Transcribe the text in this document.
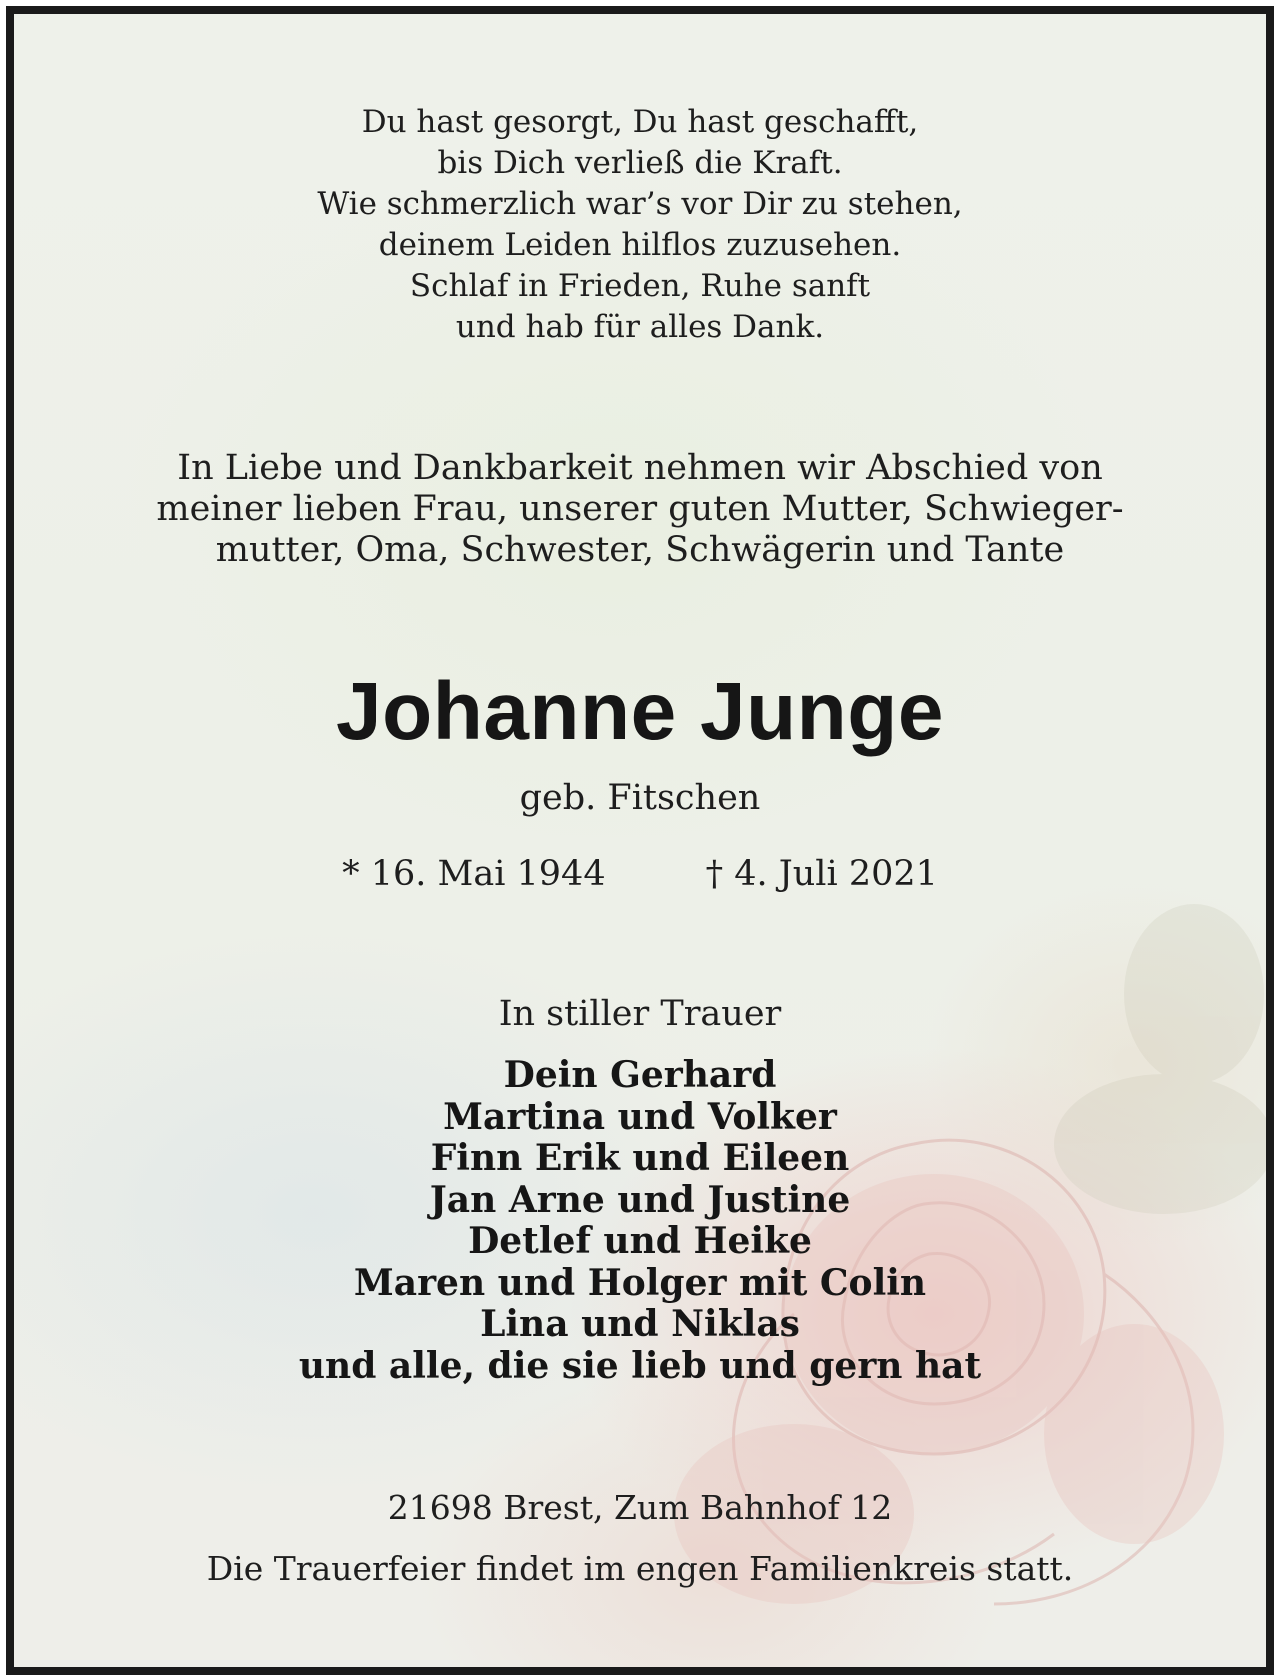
Du hast gesorgt, Du hast geschafft,
bis Dich verließ die Kraft.
Wie schmerzlich war’s vor Dir zu stehen,
deinem Leiden hilflos zuzusehen.
Schlaf in Frieden, Ruhe sanft
und hab für alles Dank.
In Liebe und Dankbarkeit nehmen wir Abschied von
meiner lieben Frau, unserer guten Mutter, Schwieger-
mutter, Oma, Schwester, Schwägerin und Tante
Johanne Junge
geb. Fitschen
* 16. Mai 1944	† 4. Juli 2021
In stiller Trauer
Dein Gerhard
Martina und Volker
Finn Erik und Eileen
Jan Arne und Justine
Detlef und Heike
Maren und Holger mit Colin
Lina und Niklas
und alle, die sie lieb und gern hat
21698 Brest, Zum Bahnhof 12
Die Trauerfeier findet im engen Familienkreis statt.
